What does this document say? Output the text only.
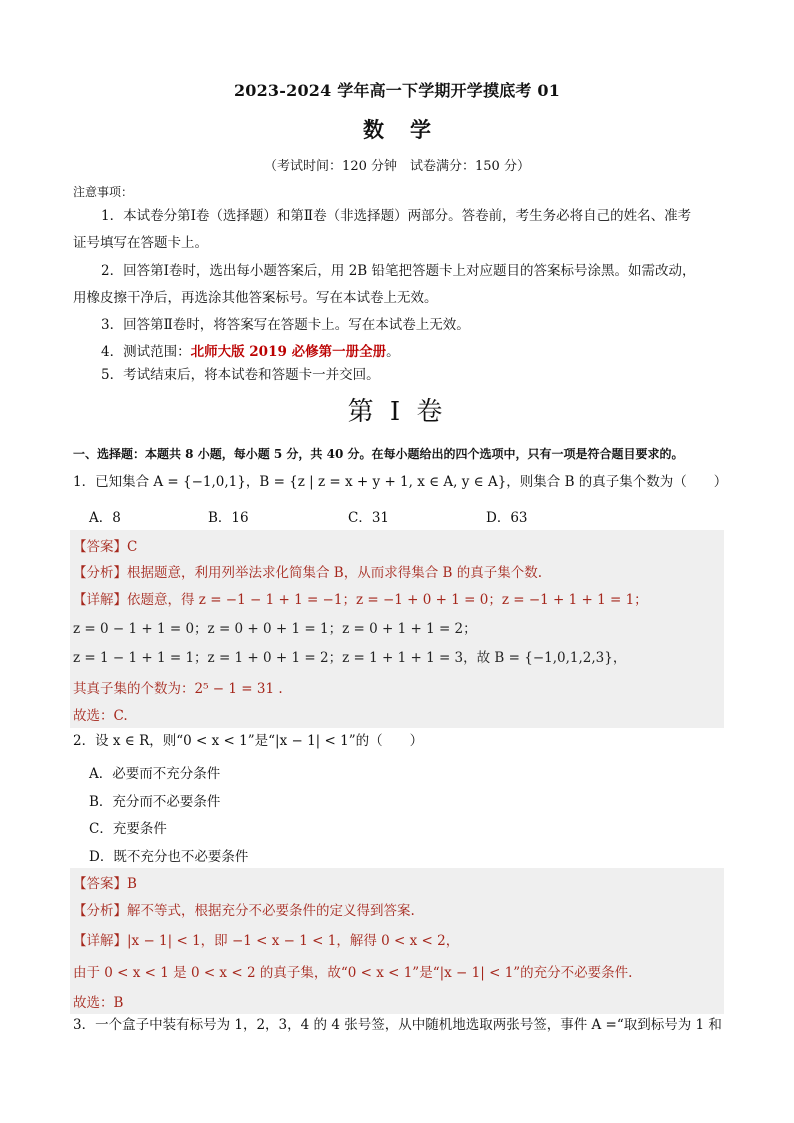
2023-2024 学年高一下学期开学摸底考 01
数学
（考试时间：120 分钟　试卷满分：150 分）
注意事项：
1．本试卷分第Ⅰ卷（选择题）和第Ⅱ卷（非选择题）两部分。答卷前，考生务必将自己的姓名、准考
证号填写在答题卡上。
2．回答第Ⅰ卷时，选出每小题答案后，用 2B 铅笔把答题卡上对应题目的答案标号涂黑。如需改动，
用橡皮擦干净后，再选涂其他答案标号。写在本试卷上无效。
3．回答第Ⅱ卷时，将答案写在答题卡上。写在本试卷上无效。
4．测试范围：北师大版 2019 必修第一册全册。
5．考试结束后，将本试卷和答题卡一并交回。
第 I 卷
一、选择题：本题共 8 小题，每小题 5 分，共 40 分。在每小题给出的四个选项中，只有一项是符合题目要求的。
1．已知集合 A = {−1,0,1}，B = {z | z = x + y + 1, x ∈ A, y ∈ A}，则集合 B 的真子集个数为（　　）
A．8	B．16	C．31	D．63
【答案】C
【分析】根据题意，利用列举法求化简集合 B，从而求得集合 B 的真子集个数.
【详解】依题意，得 z = −1 − 1 + 1 = −1；z = −1 + 0 + 1 = 0；z = −1 + 1 + 1 = 1；
z = 0 − 1 + 1 = 0；z = 0 + 0 + 1 = 1；z = 0 + 1 + 1 = 2；
z = 1 − 1 + 1 = 1；z = 1 + 0 + 1 = 2；z = 1 + 1 + 1 = 3，故 B = {−1,0,1,2,3}，
其真子集的个数为：2⁵ − 1 = 31 .
故选：C.
2．设 x ∈ R，则“0 < x < 1”是“|x − 1| < 1”的（　　）
A．必要而不充分条件
B．充分而不必要条件
C．充要条件
D．既不充分也不必要条件
【答案】B
【分析】解不等式，根据充分不必要条件的定义得到答案.
【详解】|x − 1| < 1，即 −1 < x − 1 < 1，解得 0 < x < 2，
由于 0 < x < 1 是 0 < x < 2 的真子集，故“0 < x < 1”是“|x − 1| < 1”的充分不必要条件.
故选：B
3．一个盒子中装有标号为 1，2，3，4 的 4 张号签，从中随机地选取两张号签，事件 A =“取到标号为 1 和
